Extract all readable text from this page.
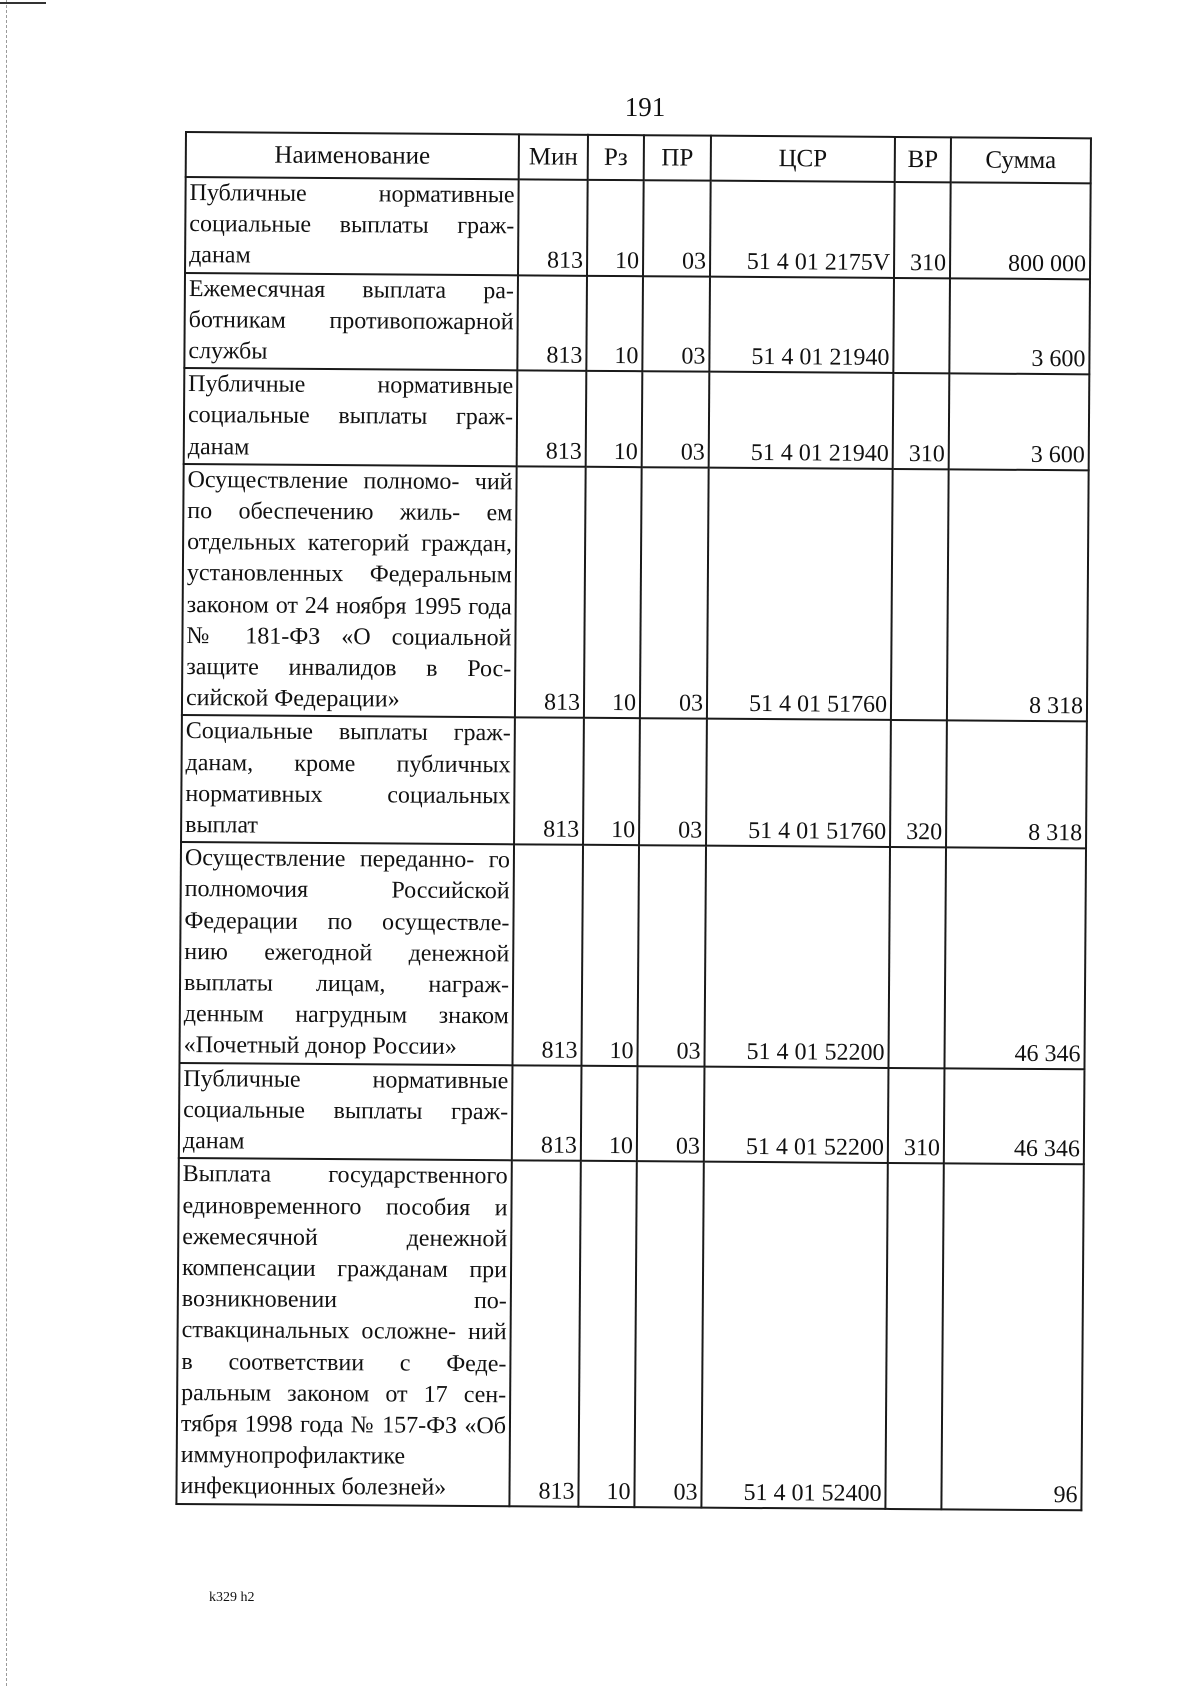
191
Наименование	Мин	Рз	ПР	ЦСР	ВР	Сумма
Публичные нормативные социальные выплаты граж- данам	813	10	03	51 4 01 2175V	310	800 000
Ежемесячная выплата ра- ботникам противопожарной службы	813	10	03	51 4 01 21940		3 600
Публичные нормативные социальные выплаты граж- данам	813	10	03	51 4 01 21940	310	3 600
Осуществление полномо- чий по обеспечению жиль- ем отдельных категорий граждан, установленных Федеральным законом от 24 ноября 1995 года № 181-ФЗ «О социальной защите инвалидов в Рос- сийской Федерации»	813	10	03	51 4 01 51760		8 318
Социальные выплаты граж- данам, кроме публичных нормативных социальных выплат	813	10	03	51 4 01 51760	320	8 318
Осуществление переданно- го полномочия Российской Федерации по осуществле- нию ежегодной денежной выплаты лицам, награж- денным нагрудным знаком «Почетный донор России»	813	10	03	51 4 01 52200		46 346
Публичные нормативные социальные выплаты граж- данам	813	10	03	51 4 01 52200	310	46 346
Выплата государственного единовременного пособия и ежемесячной денежной компенсации гражданам при возникновении по- ствакцинальных осложне- ний в соответствии с Феде- ральным законом от 17 сен- тября 1998 года № 157-ФЗ «Об иммунопрофилактике инфекционных болезней»	813	10	03	51 4 01 52400		96
k329 h2
